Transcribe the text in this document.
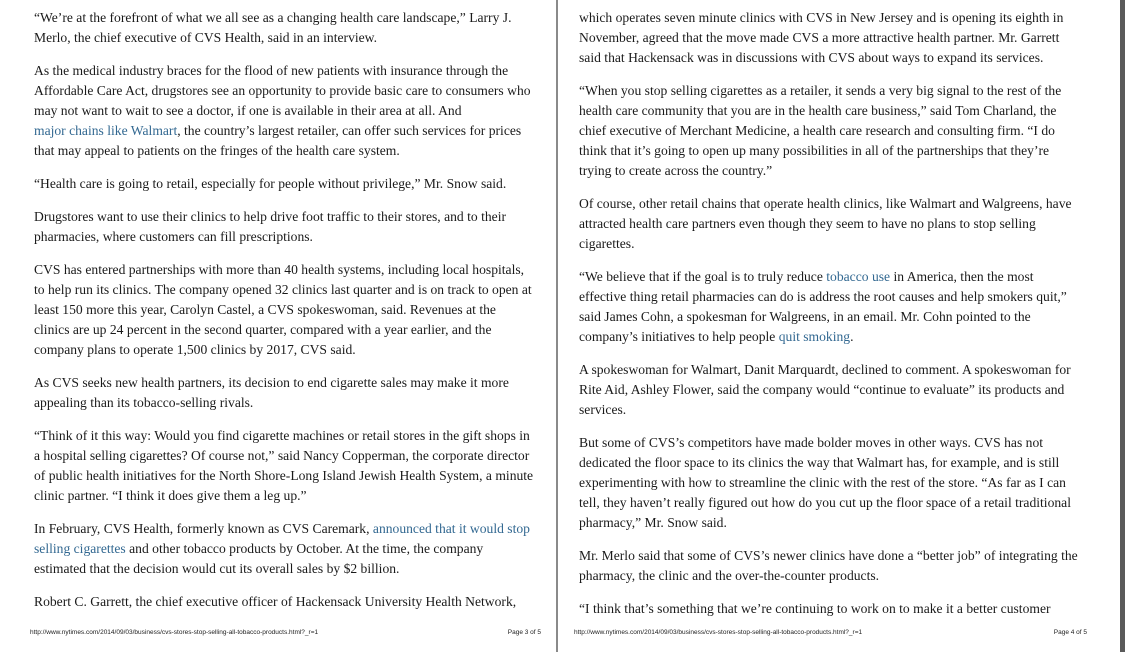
“We’re at the forefront of what we all see as a changing health care landscape,” Larry J. Merlo, the chief executive of CVS Health, said in an interview.

As the medical industry braces for the flood of new patients with insurance through the Affordable Care Act, drugstores see an opportunity to provide basic care to consumers who may not want to wait to see a doctor, if one is available in their area at all. And

major chains like Walmart, the country’s largest retailer, can offer such services for prices that may appeal to patients on the fringes of the health care system.

“Health care is going to retail, especially for people without privilege,” Mr. Snow said.

Drugstores want to use their clinics to help drive foot traffic to their stores, and to their pharmacies, where customers can fill prescriptions.

CVS has entered partnerships with more than 40 health systems, including local hospitals, to help run its clinics. The company opened 32 clinics last quarter and is on track to open at least 150 more this year, Carolyn Castel, a CVS spokeswoman, said. Revenues at the clinics are up 24 percent in the second quarter, compared with a year earlier, and the company plans to operate 1,500 clinics by 2017, CVS said.

As CVS seeks new health partners, its decision to end cigarette sales may make it more appealing than its tobacco-selling rivals.

“Think of it this way: Would you find cigarette machines or retail stores in the gift shops in a hospital selling cigarettes? Of course not,” said Nancy Copperman, the corporate director of public health initiatives for the North Shore-Long Island Jewish Health System, a minute clinic partner. “I think it does give them a leg up.”

In February, CVS Health, formerly known as CVS Caremark, announced that it would stop selling cigarettes and other tobacco products by October. At the time, the company estimated that the decision would cut its overall sales by $2 billion.

Robert C. Garrett, the chief executive officer of Hackensack University Health Network,

http://www.nytimes.com/2014/09/03/business/cvs-stores-stop-selling-all-tobacco-products.html?_r=1	Page 3 of 5

which operates seven minute clinics with CVS in New Jersey and is opening its eighth in November, agreed that the move made CVS a more attractive health partner. Mr. Garrett said that Hackensack was in discussions with CVS about ways to expand its services.

“When you stop selling cigarettes as a retailer, it sends a very big signal to the rest of the health care community that you are in the health care business,” said Tom Charland, the chief executive of Merchant Medicine, a health care research and consulting firm. “I do think that it’s going to open up many possibilities in all of the partnerships that they’re trying to create across the country.”

Of course, other retail chains that operate health clinics, like Walmart and Walgreens, have attracted health care partners even though they seem to have no plans to stop selling cigarettes.

“We believe that if the goal is to truly reduce tobacco use in America, then the most effective thing retail pharmacies can do is address the root causes and help smokers quit,” said James Cohn, a spokesman for Walgreens, in an email. Mr. Cohn pointed to the company’s initiatives to help people quit smoking.

A spokeswoman for Walmart, Danit Marquardt, declined to comment. A spokeswoman for Rite Aid, Ashley Flower, said the company would “continue to evaluate” its products and services.

But some of CVS’s competitors have made bolder moves in other ways. CVS has not dedicated the floor space to its clinics the way that Walmart has, for example, and is still experimenting with how to streamline the clinic with the rest of the store. “As far as I can tell, they haven’t really figured out how do you cut up the floor space of a retail traditional pharmacy,” Mr. Snow said.

Mr. Merlo said that some of CVS’s newer clinics have done a “better job” of integrating the pharmacy, the clinic and the over-the-counter products.

“I think that’s something that we’re continuing to work on to make it a better customer

http://www.nytimes.com/2014/09/03/business/cvs-stores-stop-selling-all-tobacco-products.html?_r=1	Page 4 of 5
